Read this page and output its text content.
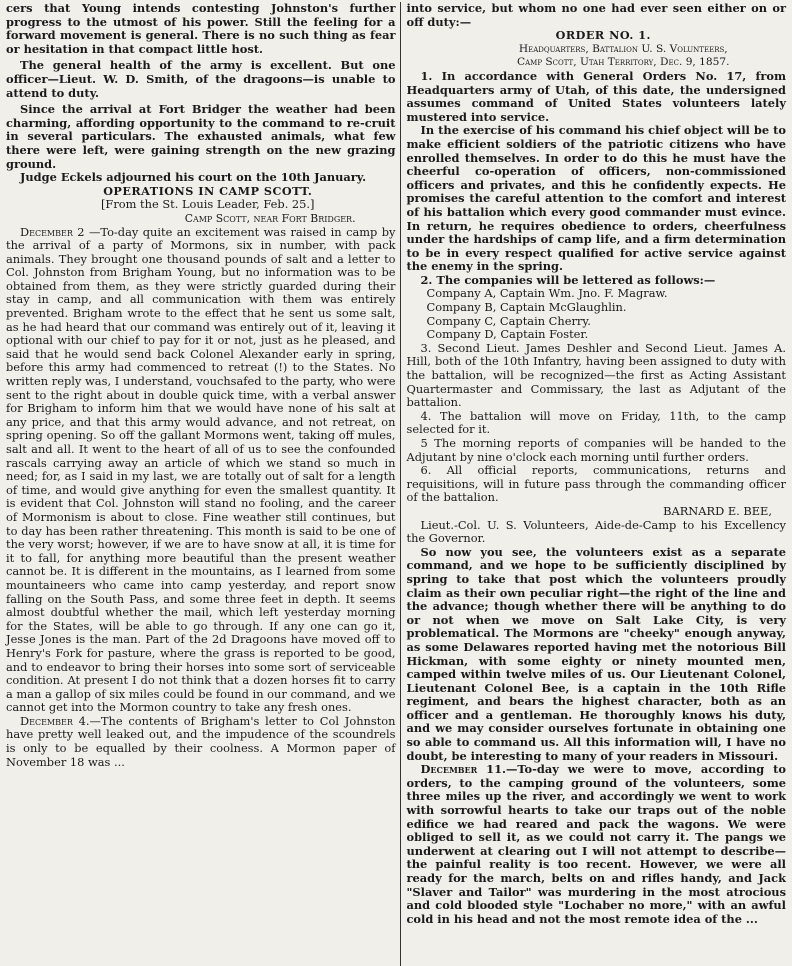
cers that Young intends contesting Johnston's further progress to the utmost of his power. Still the feeling for a forward movement is general. There is no such thing as fear or hesitation in that compact little host.

The general health of the army is excellent. But one officer—Lieut. W. D. Smith, of the dragoons—is unable to attend to duty.

Since the arrival at Fort Bridger the weather had been charming, affording opportunity to the command to re-cruit in several particulars. The exhausted animals, what few there were left, were gaining strength on the new grazing ground.

Judge Eckels adjourned his court on the 10th January.

OPERATIONS IN CAMP SCOTT.

[From the St. Louis Leader, Feb. 25.]

Camp Scott, near Fort Bridger.

December 2 —To-day quite an excitement was raised in camp by the arrival of a party of Mormons, six in number, with pack animals. They brought one thousand pounds of salt and a letter to Col. Johnston from Brigham Young, but no information was to be obtained from them, as they were strictly guarded during their stay in camp, and all communication with them was entirely prevented. Brigham wrote to the effect that he sent us some salt, as he had heard that our command was entirely out of it, leaving it optional with our chief to pay for it or not, just as he pleased, and said that he would send back Colonel Alexander early in spring, before this army had commenced to retreat (!) to the States. No written reply was, I understand, vouchsafed to the party, who were sent to the right about in double quick time, with a verbal answer for Brigham to inform him that we would have none of his salt at any price, and that this army would advance, and not retreat, on spring opening. So off the gallant Mormons went, taking off mules, salt and all. It went to the heart of all of us to see the confounded rascals carrying away an article of which we stand so much in need; for, as I said in my last, we are totally out of salt for a length of time, and would give anything for even the smallest quantity. It is evident that Col. Johnston will stand no fooling, and the career of Mormonism is about to close. Fine weather still continues, but to day has been rather threatening. This month is said to be one of the very worst; however, if we are to have snow at all, it is time for it to fall, for anything more beautiful than the present weather cannot be. It is different in the mountains, as I learned from some mountaineers who came into camp yesterday, and report snow falling on the South Pass, and some three feet in depth. It seems almost doubtful whether the mail, which left yesterday morning for the States, will be able to go through. If any one can go it, Jesse Jones is the man. Part of the 2d Dragoons have moved off to Henry's Fork for pasture, where the grass is reported to be good, and to endeavor to bring their horses into some sort of serviceable condition. At present I do not think that a dozen horses fit to carry a man a gallop of six miles could be found in our command, and we cannot get into the Mormon country to take any fresh ones.

December 4.—The contents of Brigham's letter to Col Johnston have pretty well leaked out, and the impudence of the scoundrels is only to be equalled by their coolness. A Mormon paper of November 18 was ...

into service, but whom no one had ever seen either on or off duty:—

ORDER NO. 1.

Headquarters, Battalion U. S. Volunteers,

Camp Scott, Utah Territory, Dec. 9, 1857.

1. In accordance with General Orders No. 17, from Headquarters army of Utah, of this date, the undersigned assumes command of United States volunteers lately mustered into service.

In the exercise of his command his chief object will be to make efficient soldiers of the patriotic citizens who have enrolled themselves. In order to do this he must have the cheerful co-operation of officers, non-commissioned officers and privates, and this he confidently expects. He promises the careful attention to the comfort and interest of his battalion which every good commander must evince. In return, he requires obedience to orders, cheerfulness under the hardships of camp life, and a firm determination to be in every respect qualified for active service against the enemy in the spring.

2. The companies will be lettered as follows:—

Company A, Captain Wm. Jno. F. Magraw.

Company B, Captain McGlaughlin.

Company C, Captain Cherry.

Company D, Captain Foster.

3. Second Lieut. James Deshler and Second Lieut. James A. Hill, both of the 10th Infantry, having been assigned to duty with the battalion, will be recognized—the first as Acting Assistant Quartermaster and Commissary, the last as Adjutant of the battalion.

4. The battalion will move on Friday, 11th, to the camp selected for it.

5 The morning reports of companies will be handed to the Adjutant by nine o'clock each morning until further orders.

6. All official reports, communications, returns and requisitions, will in future pass through the commanding officer of the battalion.

BARNARD E. BEE,

Lieut.-Col. U. S. Volunteers, Aide-de-Camp to his Excellency the Governor.

So now you see, the volunteers exist as a separate command, and we hope to be sufficiently disciplined by spring to take that post which the volunteers proudly claim as their own peculiar right—the right of the line and the advance; though whether there will be anything to do or not when we move on Salt Lake City, is very problematical. The Mormons are "cheeky" enough anyway, as some Delawares reported having met the notorious Bill Hickman, with some eighty or ninety mounted men, camped within twelve miles of us. Our Lieutenant Colonel, Lieutenant Colonel Bee, is a captain in the 10th Rifle regiment, and bears the highest character, both as an officer and a gentleman. He thoroughly knows his duty, and we may consider ourselves fortunate in obtaining one so able to command us. All this information will, I have no doubt, be interesting to many of your readers in Missouri.

December 11.—To-day we were to move, according to orders, to the camping ground of the volunteers, some three miles up the river, and accordingly we went to work with sorrowful hearts to take our traps out of the noble edifice we had reared and pack the wagons. We were obliged to sell it, as we could not carry it. The pangs we underwent at clearing out I will not attempt to describe—the painful reality is too recent. However, we were all ready for the march, belts on and rifles handy, and Jack "Slaver and Tailor" was murdering in the most atrocious and cold blooded style "Lochaber no more," with an awful cold in his head and not the most remote idea of the ...
